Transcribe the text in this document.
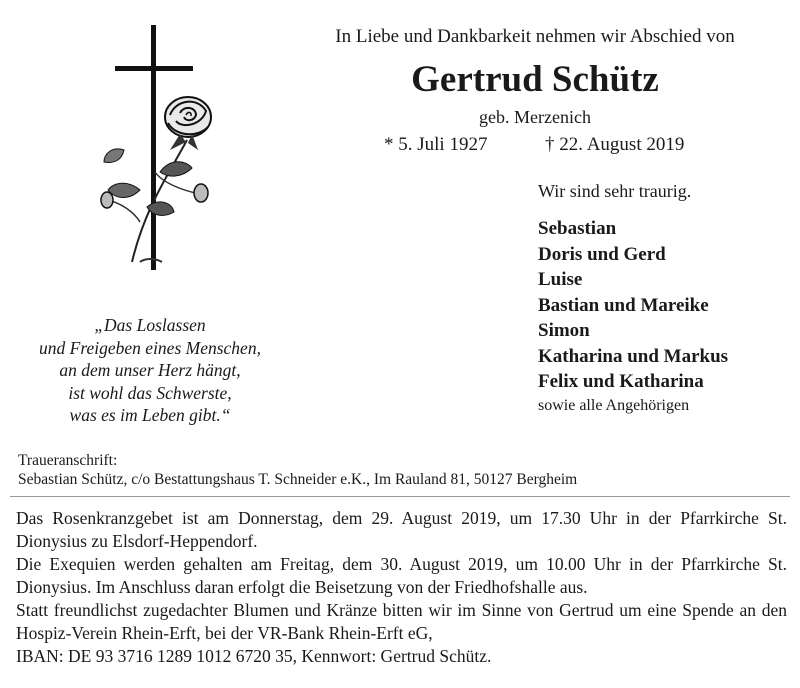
In Liebe und Dankbarkeit nehmen wir Abschied von
Gertrud Schütz
geb. Merzenich
* 5. Juli 1927	† 22. August 2019
Wir sind sehr traurig.
Sebastian
Doris und Gerd
Luise
Bastian und Mareike
Simon
Katharina und Markus
Felix und Katharina
sowie alle Angehörigen
„Das Loslassen
und Freigeben eines Menschen,
an dem unser Herz hängt,
ist wohl das Schwerste,
was es im Leben gibt.“
Traueranschrift:
Sebastian Schütz, c/o Bestattungshaus T. Schneider e.K., Im Rauland 81, 50127 Bergheim
Das Rosenkranzgebet ist am Donnerstag, dem 29. August 2019, um 17.30 Uhr in der Pfarrkirche St. Dionysius zu Elsdorf-Heppendorf.
Die Exequien werden gehalten am Freitag, dem 30. August 2019, um 10.00 Uhr in der Pfarrkirche St. Dionysius. Im Anschluss daran erfolgt die Beisetzung von der Friedhofshalle aus.
Statt freundlichst zugedachter Blumen und Kränze bitten wir im Sinne von Gertrud um eine Spende an den Hospiz-Verein Rhein-Erft, bei der VR-Bank Rhein-Erft eG,
IBAN: DE 93 3716 1289 1012 6720 35, Kennwort: Gertrud Schütz.
